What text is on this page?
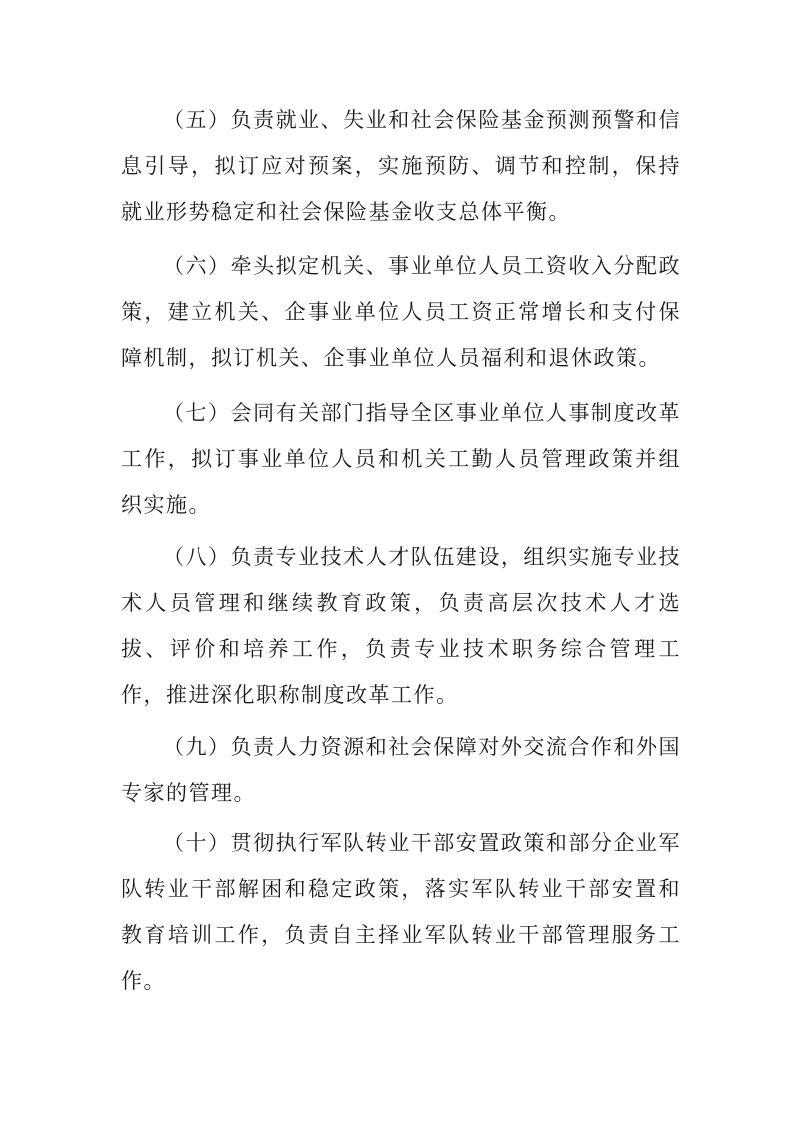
（五）负责就业、失业和社会保险基金预测预警和信息引导，拟订应对预案，实施预防、调节和控制，保持就业形势稳定和社会保险基金收支总体平衡。

（六）牵头拟定机关、事业单位人员工资收入分配政策，建立机关、企事业单位人员工资正常增长和支付保障机制，拟订机关、企事业单位人员福利和退休政策。

（七）会同有关部门指导全区事业单位人事制度改革工作，拟订事业单位人员和机关工勤人员管理政策并组织实施。

（八）负责专业技术人才队伍建设，组织实施专业技术人员管理和继续教育政策，负责高层次技术人才选拔、评价和培养工作，负责专业技术职务综合管理工作，推进深化职称制度改革工作。

（九）负责人力资源和社会保障对外交流合作和外国专家的管理。

（十）贯彻执行军队转业干部安置政策和部分企业军队转业干部解困和稳定政策，落实军队转业干部安置和教育培训工作，负责自主择业军队转业干部管理服务工作。
